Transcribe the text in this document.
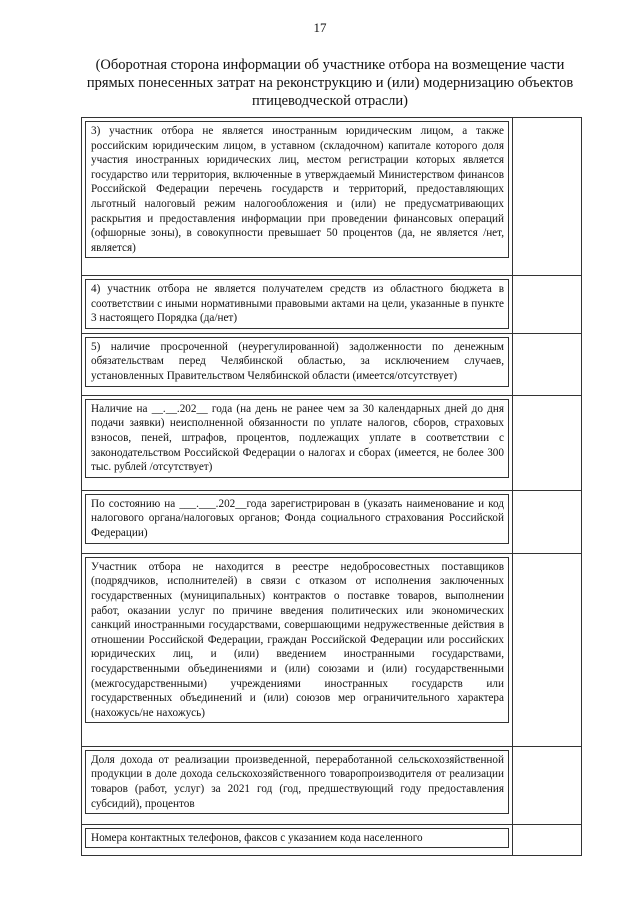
17
(Оборотная сторона информации об участнике отбора на возмещение части прямых понесенных затрат на реконструкцию и (или) модернизацию объектов птицеводческой отрасли)
3) участник отбора не является иностранным юридическим лицом, а также российским юридическим лицом, в уставном (складочном) капитале которого доля участия иностранных юридических лиц, местом регистрации которых является государство или территория, включенные в утверждаемый Министерством финансов Российской Федерации перечень государств и территорий, предоставляющих льготный налоговый режим налогообложения и (или) не предусматривающих раскрытия и предоставления информации при проведении финансовых операций (офшорные зоны), в совокупности превышает 50 процентов (да, не является /нет, является)	

4) участник отбора не является получателем средств из областного бюджета в соответствии с иными нормативными правовыми актами на цели, указанные в пункте 3 настоящего Порядка (да/нет)	

5) наличие просроченной (неурегулированной) задолженности по денежным обязательствам перед Челябинской областью, за исключением случаев, установленных Правительством Челябинской области (имеется/отсутствует)	

Наличие на __.__.202__ года (на день не ранее чем за 30 календарных дней до дня подачи заявки) неисполненной обязанности по уплате налогов, сборов, страховых взносов, пеней, штрафов, процентов, подлежащих уплате в соответствии с законодательством Российской Федерации о налогах и сборах (имеется, не более 300 тыс. рублей /отсутствует)	

По состоянию на ___.___.202__года зарегистрирован в (указать наименование и код налогового органа/налоговых органов; Фонда социального страхования Российской Федерации)	

Участник отбора не находится в реестре недобросовестных поставщиков (подрядчиков, исполнителей) в связи с отказом от исполнения заключенных государственных (муниципальных) контрактов о поставке товаров, выполнении работ, оказании услуг по причине введения политических или экономических санкций иностранными государствами, совершающими недружественные действия в отношении Российской Федерации, граждан Российской Федерации или российских юридических лиц, и (или) введением иностранными государствами, государственными объединениями и (или) союзами и (или) государственными (межгосударственными) учреждениями иностранных государств или государственных объединений и (или) союзов мер ограничительного характера (нахожусь/не нахожусь)	

Доля дохода от реализации произведенной, переработанной сельскохозяйственной продукции в доле дохода сельскохозяйственного товаропроизводителя от реализации товаров (работ, услуг) за 2021 год (год, предшествующий году предоставления субсидий), процентов	

Номера контактных телефонов, факсов с указанием кода населенного	
